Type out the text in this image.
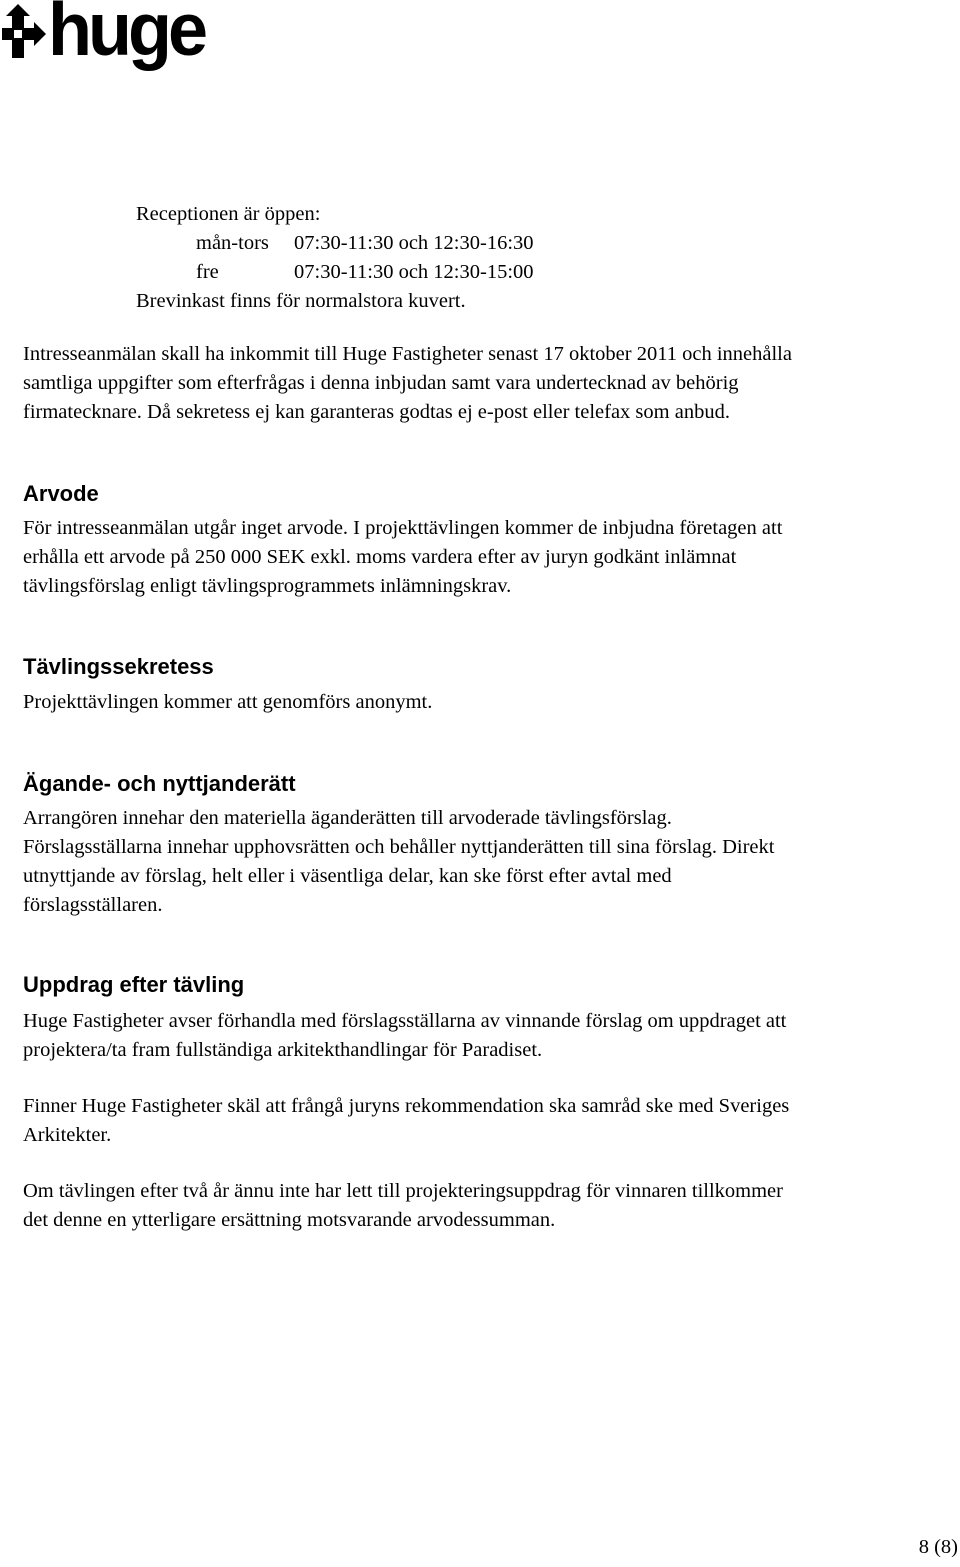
huge
Receptionen är öppen:
mån-tors	07:30-11:30 och 12:30-16:30
fre	07:30-11:30 och 12:30-15:00
Brevinkast finns för normalstora kuvert.
Intresseanmälan skall ha inkommit till Huge Fastigheter senast 17 oktober 2011 och innehålla
samtliga uppgifter som efterfrågas i denna inbjudan samt vara undertecknad av behörig
firmatecknare. Då sekretess ej kan garanteras godtas ej e-post eller telefax som anbud.
Arvode
För intresseanmälan utgår inget arvode. I projekttävlingen kommer de inbjudna företagen att
erhålla ett arvode på 250 000 SEK exkl. moms vardera efter av juryn godkänt inlämnat
tävlingsförslag enligt tävlingsprogrammets inlämningskrav.
Tävlingssekretess
Projekttävlingen kommer att genomförs anonymt.
Ägande- och nyttjanderätt
Arrangören innehar den materiella äganderätten till arvoderade tävlingsförslag.
Förslagsställarna innehar upphovsrätten och behåller nyttjanderätten till sina förslag. Direkt
utnyttjande av förslag, helt eller i väsentliga delar, kan ske först efter avtal med
förslagsställaren.
Uppdrag efter tävling
Huge Fastigheter avser förhandla med förslagsställarna av vinnande förslag om uppdraget att
projektera/ta fram fullständiga arkitekthandlingar för Paradiset.
Finner Huge Fastigheter skäl att frångå juryns rekommendation ska samråd ske med Sveriges
Arkitekter.
Om tävlingen efter två år ännu inte har lett till projekteringsuppdrag för vinnaren tillkommer
det denne en ytterligare ersättning motsvarande arvodessumman.
8 (8)
